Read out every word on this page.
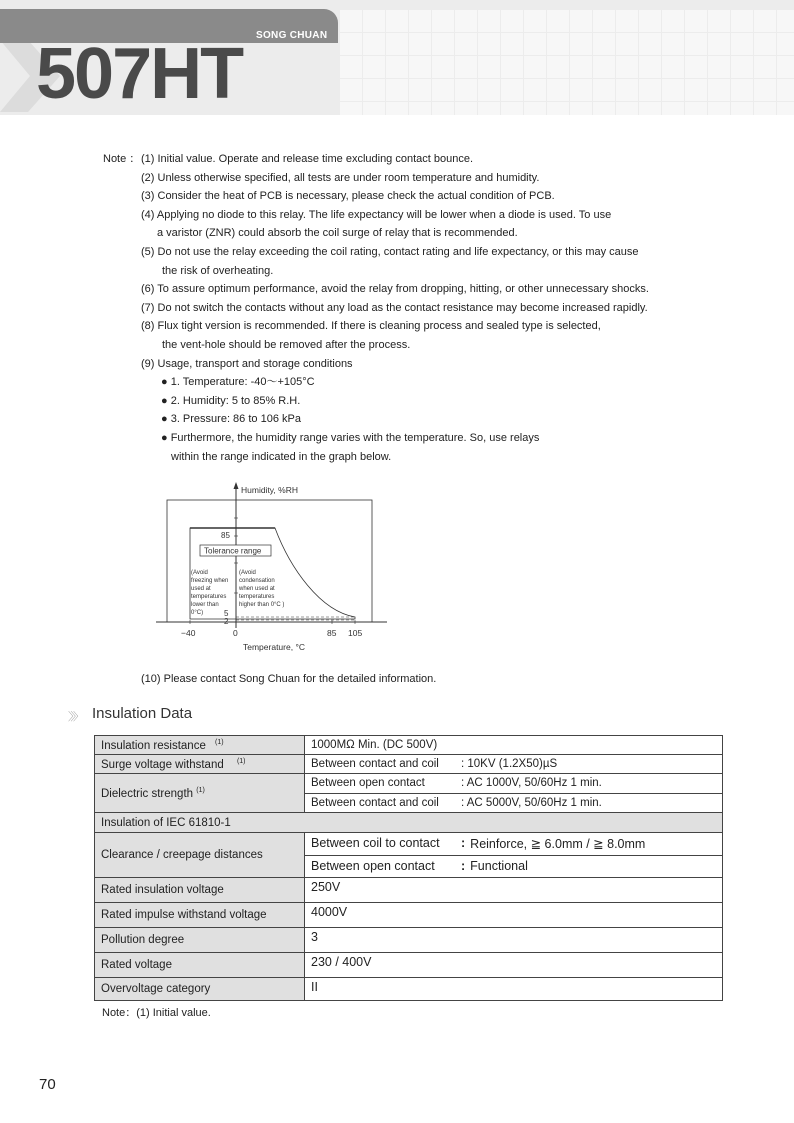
SONG CHUAN
507HT
Note ： (1) Initial value. Operate and release time excluding contact bounce.
(2) Unless otherwise specified, all tests are under room temperature and humidity.
(3) Consider the heat of PCB is necessary, please check the actual condition of PCB.
(4) Applying no diode to this relay. The life expectancy will be lower when a diode is used. To use
a varistor (ZNR) could absorb the coil surge of relay that is recommended.
(5) Do not use the relay exceeding the coil rating, contact rating and life expectancy, or this may cause
the risk of overheating.
(6) To assure optimum performance, avoid the relay from dropping, hitting, or other unnecessary shocks.
(7) Do not switch the contacts without any load as the contact resistance may become increased rapidly.
(8) Flux tight version is recommended. If there is cleaning process and sealed type is selected,
the vent-hole should be removed after the process.
(9) Usage, transport and storage conditions
● 1. Temperature: -40～+105°C
● 2. Humidity: 5 to 85% R.H.
● 3. Pressure: 86 to 106 kPa
● Furthermore, the humidity range varies with the temperature. So, use relays
within the range indicated in the graph below.
(10) Please contact Song Chuan for the detailed information.
Humidity, %RH
Temperature, °C
85
5
2
−40	0	85 105
Tolerance range
(Avoid
freezing when
used at
temperatures
lower than
0°C)
(Avoid
condensation
when used at
temperatures
higher than 0°C )
〉〉〉 Insulation Data
Insulation resistance $^{(1)}$	1000MΩ Min. (DC 500V)
Surge voltage withstand $^{(1)}$	Between contact and coil : 10KV (1.2X50)µS

Dielectric strength $^{(1)}$	Between open contact : AC 1000V, 50/60Hz 1 min.

	Between contact and coil : AC 5000V, 50/60Hz 1 min.

Insulation of IEC 61810-1	
Clearance / creepage distances	Between coil to contact : Reinforce, ≧ 6.0mm / ≧ 8.0mm

	Between open contact : Functional

Rated insulation voltage	250V
Rated impulse withstand voltage	4000V
Pollution degree	3
Rated voltage	230 / 400V
Overvoltage category	II
Note：(1) Initial value.
70
